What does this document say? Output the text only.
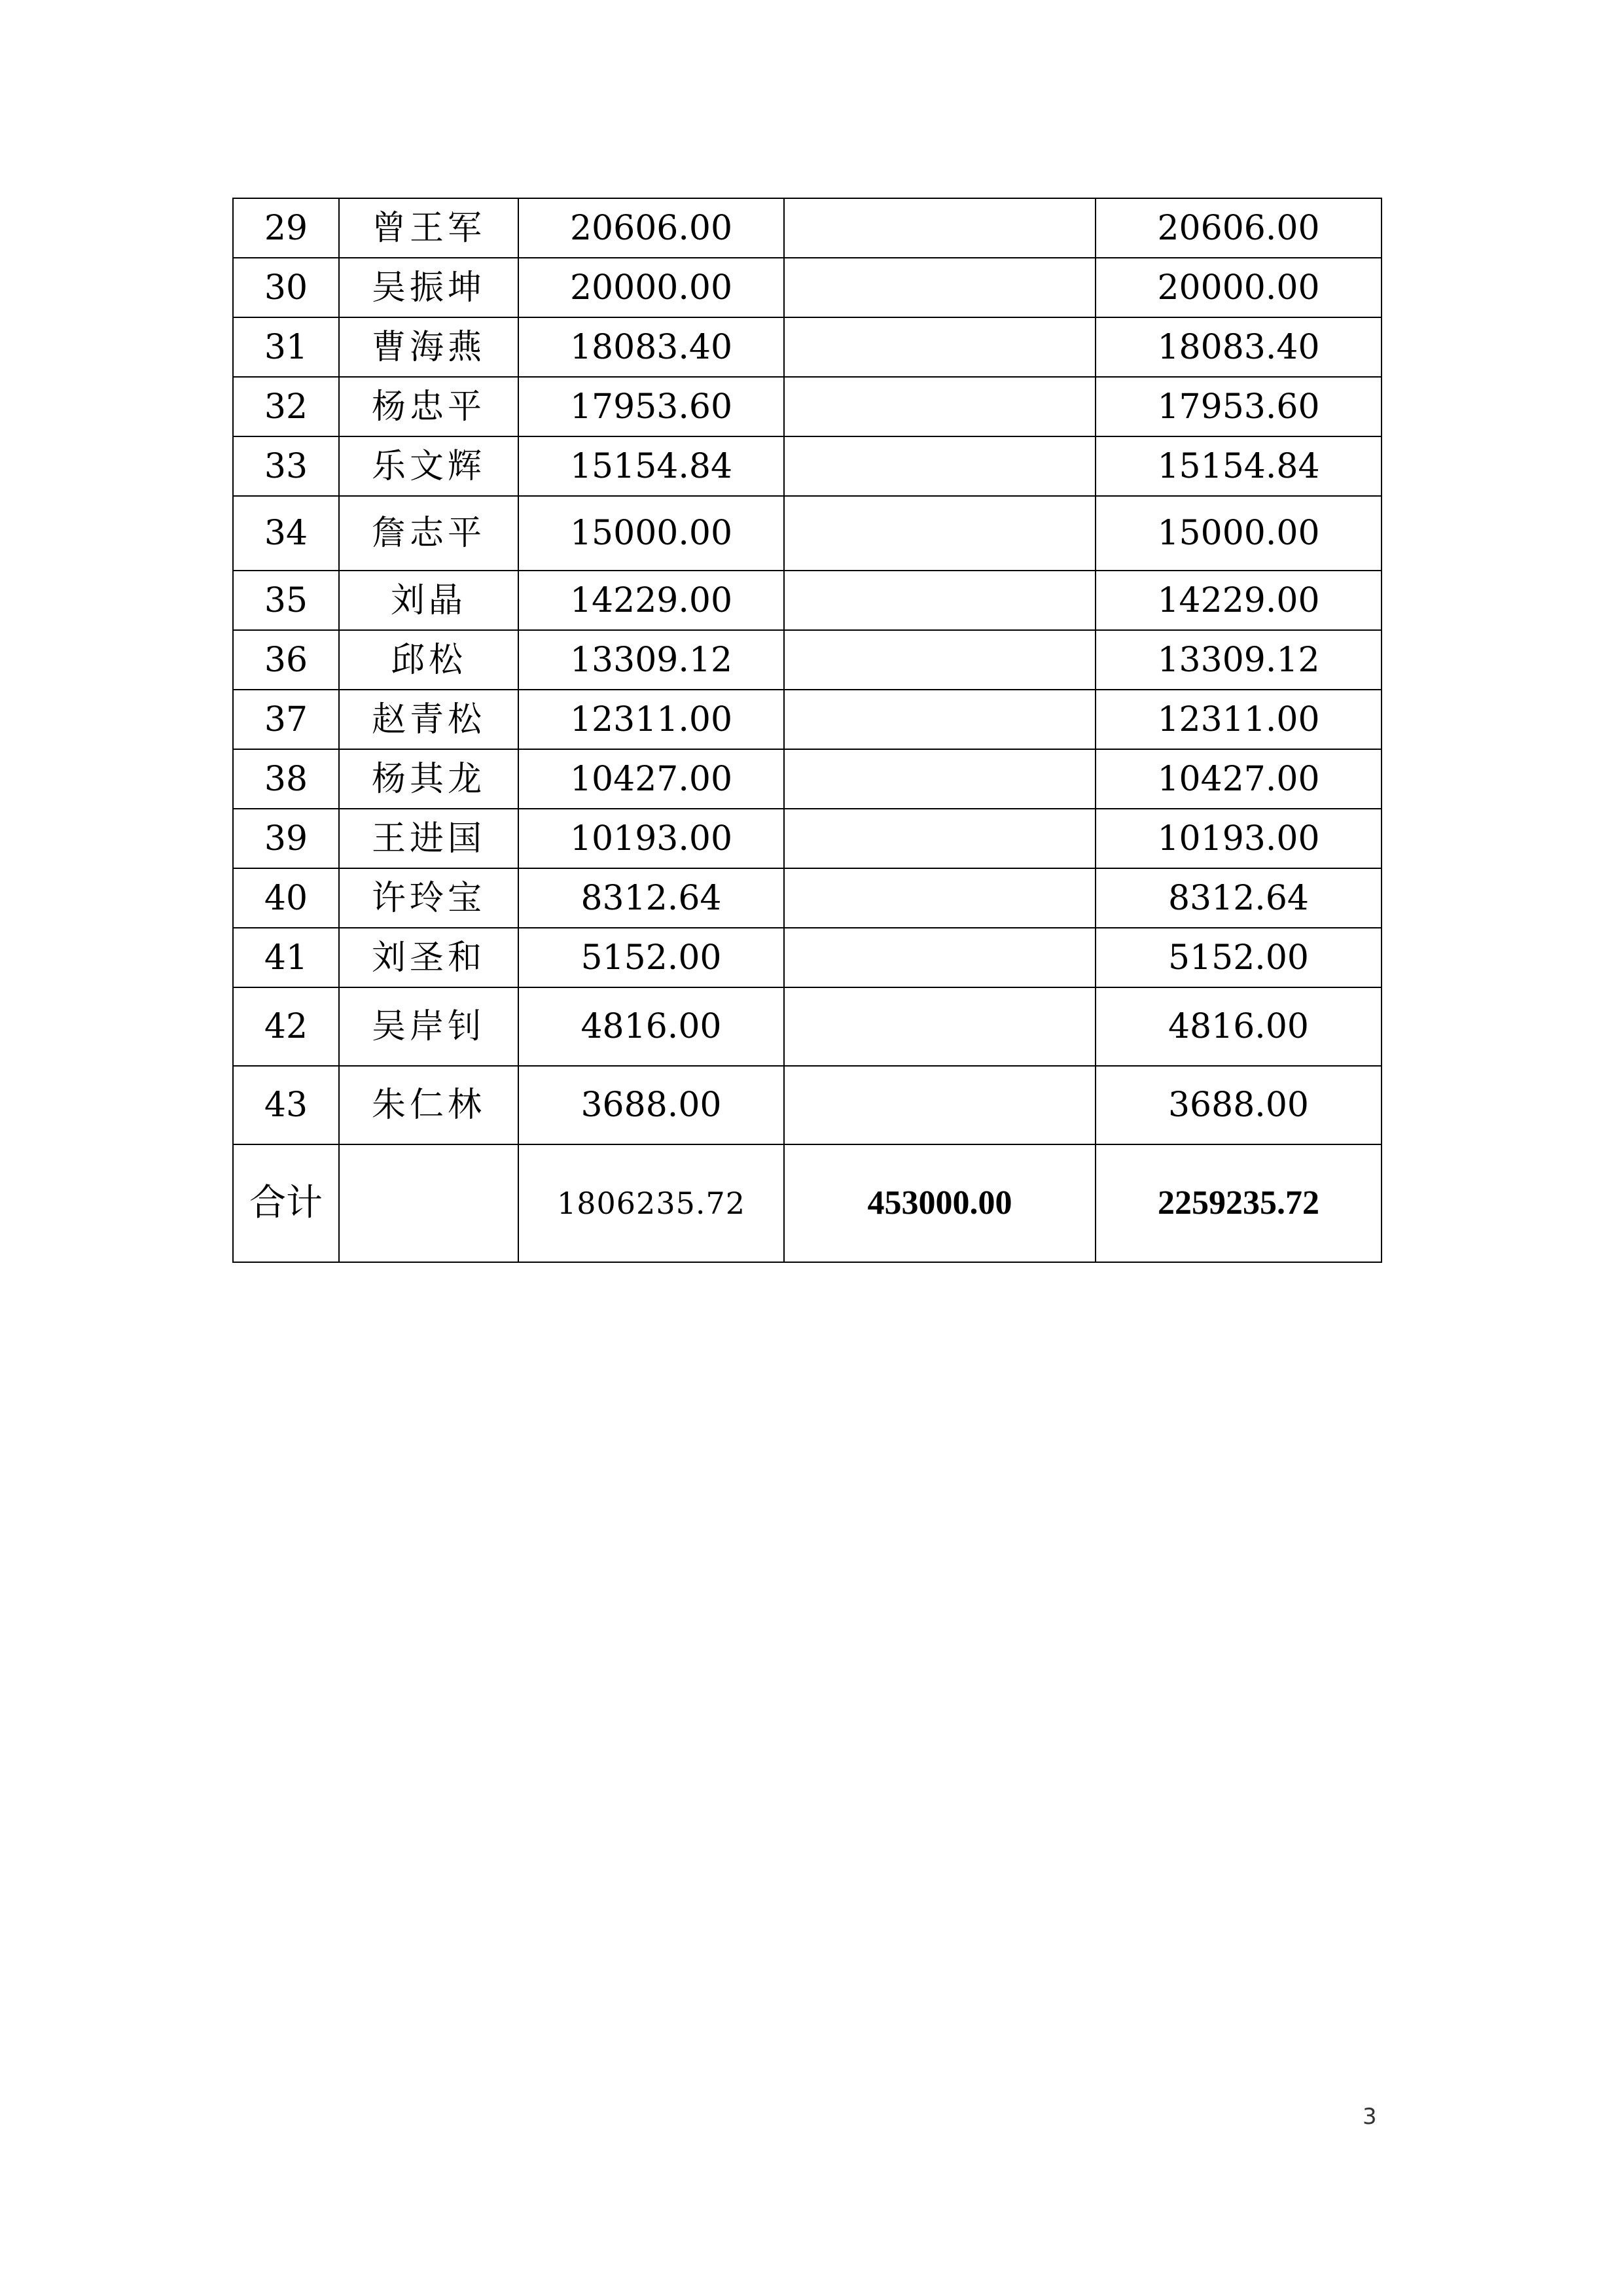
29	曾王军	20606.00		20606.00
30	吴振坤	20000.00		20000.00
31	曹海燕	18083.40		18083.40
32	杨忠平	17953.60		17953.60
33	乐文辉	15154.84		15154.84
34	詹志平	15000.00		15000.00
35	刘晶	14229.00		14229.00
36	邱松	13309.12		13309.12
37	赵青松	12311.00		12311.00
38	杨其龙	10427.00		10427.00
39	王进国	10193.00		10193.00
40	许玲宝	8312.64		8312.64
41	刘圣和	5152.00		5152.00
42	吴岸钊	4816.00		4816.00
43	朱仁林	3688.00		3688.00
合计		1806235.72	453000.00	2259235.72
3
